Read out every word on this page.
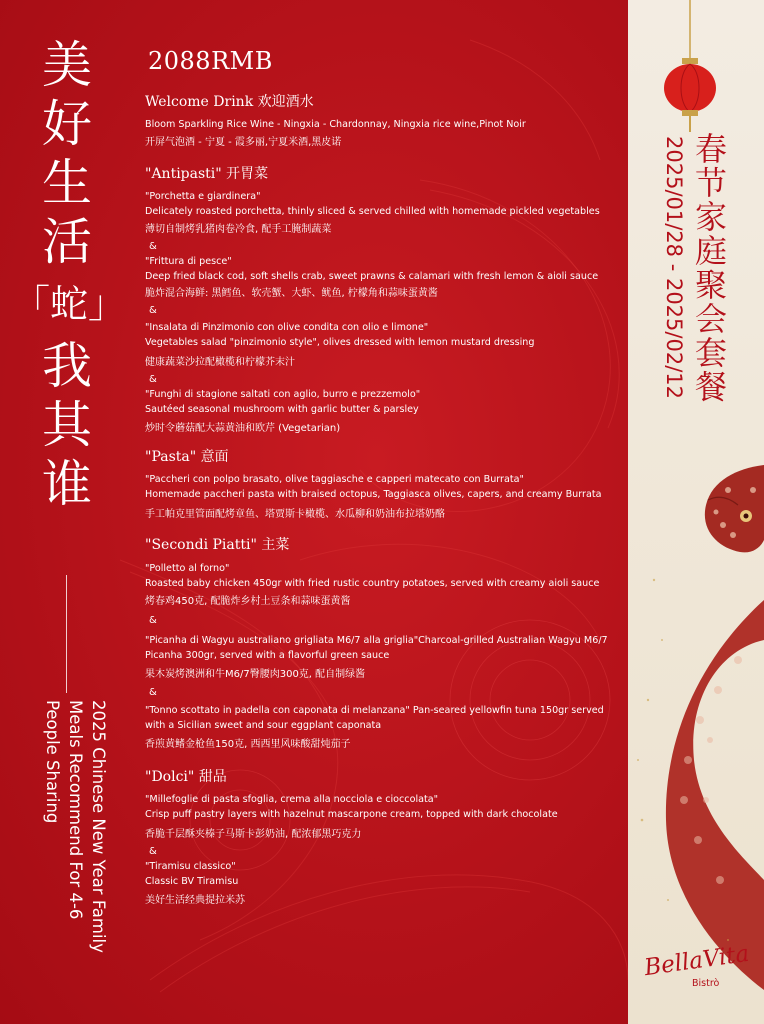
美
好
生
活
「蛇」
我
其
谁
2025 Chinese New Year Family
Meals Recommend For 4-6
People Sharing
2088RMB

Welcome Drink 欢迎酒水

Bloom Sparkling Rice Wine - Ningxia - Chardonnay, Ningxia rice wine,Pinot Noir

开屏气泡酒 - 宁夏 - 霞多丽,宁夏米酒,黑皮诺

"Antipasti" 开胃菜

"Porchetta e giardinera"

Delicately roasted porchetta, thinly sliced & served chilled with homemade pickled vegetables

薄切自制烤乳猪肉卷冷食, 配手工腌制蔬菜

&

"Frittura di pesce"

Deep fried black cod, soft shells crab, sweet prawns & calamari with fresh lemon & aioli sauce

脆炸混合海鲜: 黑鳕鱼、软壳蟹、大虾、鱿鱼, 柠檬角和蒜味蛋黄酱

&

"Insalata di Pinzimonio con olive condita con olio e limone"

Vegetables salad "pinzimonio style", olives dressed with lemon mustard dressing

健康蔬菜沙拉配橄榄和柠檬芥末汁

&

"Funghi di stagione saltati con aglio, burro e prezzemolo"

Sautéed seasonal mushroom with garlic butter & parsley

炒时令蘑菇配大蒜黄油和欧芹 (Vegetarian)

"Pasta" 意面

"Paccheri con polpo brasato, olive taggiasche e capperi matecato con Burrata"

Homemade paccheri pasta with braised octopus, Taggiasca olives, capers, and creamy Burrata

手工帕克里管面配烤章鱼、塔贾斯卡橄榄、水瓜柳和奶油布拉塔奶酪

"Secondi Piatti" 主菜

"Polletto al forno"

Roasted baby chicken 450gr with fried rustic country potatoes, served with creamy aioli sauce

烤春鸡450克, 配脆炸乡村土豆条和蒜味蛋黄酱

&

"Picanha di Wagyu australiano grigliata M6/7 alla griglia"Charcoal-grilled Australian Wagyu M6/7 Picanha 300gr, served with a flavorful green sauce

果木炭烤澳洲和牛M6/7臀腰肉300克, 配自制绿酱

&

"Tonno scottato in padella con caponata di melanzana" Pan-seared yellowfin tuna 150gr served with a Sicilian sweet and sour eggplant caponata

香煎黄鳍金枪鱼150克, 西西里风味酸甜炖茄子

"Dolci" 甜品

"Millefoglie di pasta sfoglia, crema alla nocciola e cioccolata"

Crisp puff pastry layers with hazelnut mascarpone cream, topped with dark chocolate

香脆千层酥夹榛子马斯卡彭奶油, 配浓郁黑巧克力

&

"Tiramisu classico"

Classic BV Tiramisu

美好生活经典提拉米苏

2025/01/28 - 2025/02/12 春节家庭聚会套餐
BellaVita
Bistrò
